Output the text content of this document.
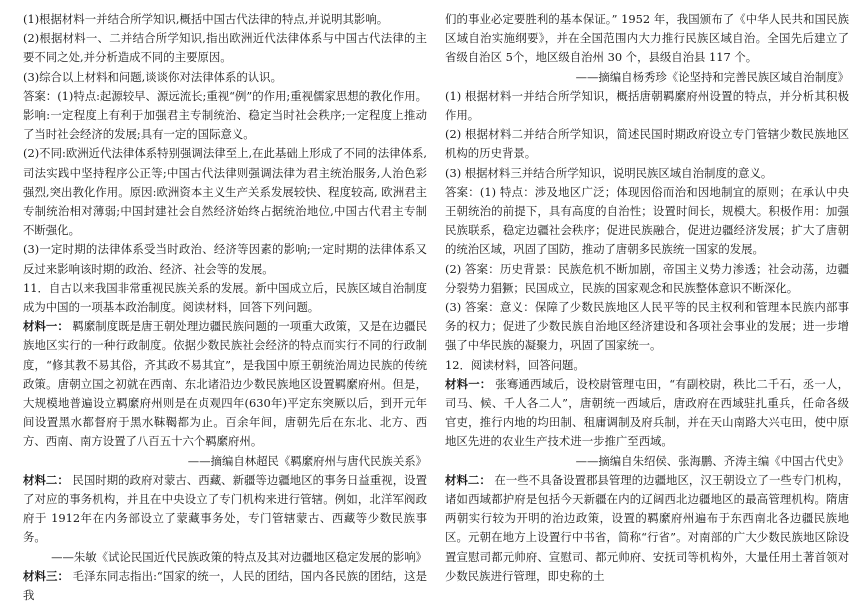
(1)根据材料一并结合所学知识,概括中国古代法律的特点,并说明其影响。

(2)根据材料一、二并结合所学知识,指出欧洲近代法律体系与中国古代法律的主要不同之处,并分析造成不同的主要原因。

(3)综合以上材料和问题,谈谈你对法律体系的认识。

答案：(1)特点:起源较早、源远流长;重视“例”的作用;重视儒家思想的教化作用。影响:一定程度上有利于加强君主专制统治、稳定当时社会秩序;一定程度上推动了当时社会经济的发展;具有一定的国际意义。

(2)不同:欧洲近代法律体系特别强调法律至上,在此基础上形成了不同的法律体系,司法实践中坚持程序公正等;中国古代法律则强调法律为君主统治服务,人治色彩强烈,突出教化作用。原因:欧洲资本主义生产关系发展较快、程度较高, 欧洲君主专制统治相对薄弱;中国封建社会自然经济始终占据统治地位,中国古代君主专制不断强化。

(3)一定时期的法律体系受当时政治、经济等因素的影响;一定时期的法律体系又反过来影响该时期的政治、经济、社会等的发展。

11．自古以来我国非常重视民族关系的发展。新中国成立后，民族区域自治制度成为中国的一项基本政治制度。阅读材料，回答下列问题。

材料一： 羁縻制度既是唐王朝处理边疆民族问题的一项重大政策，又是在边疆民族地区实行的一种行政制度。依据少数民族社会经济的特点而实行不同的行政制度，“修其教不易其俗，齐其政不易其宜”，是我国中原王朝统治周边民族的传统政策。唐朝立国之初就在西南、东北诸沿边少数民族地区设置羁縻府州。但是，大规模地普遍设立羁縻府州则是在贞观四年(630年)平定东突厥以后，到开元年间设置黑水都督府于黑水靺鞨都为止。百余年间，唐朝先后在东北、北方、西方、西南、南方设置了八百五十六个羁縻府州。

——摘编自林超民《羁縻府州与唐代民族关系》

材料二： 民国时期的政府对蒙古、西藏、新疆等边疆地区的事务日益重视，设置了对应的事务机构，并且在中央设立了专门机构来进行管辖。例如，北洋军阀政府于 1912年在内务部设立了蒙藏事务处，专门管辖蒙古、西藏等少数民族事务。

——朱敏《试论民国近代民族政策的特点及其对边疆地区稳定发展的影响》

材料三： 毛泽东同志指出:“国家的统一，人民的团结，国内各民族的团结，这是我

们的事业必定要胜利的基本保证。” 1952 年，我国颁布了《中华人民共和国民族区域自治实施纲要》，并在全国范围内大力推行民族区域自治。全国先后建立了省级自治区 5个，地区级自治州 30 个，县级自治县 117 个。

——摘编自杨秀珍《论坚持和完善民族区域自治制度》

(1) 根据材料一并结合所学知识，概括唐朝羁縻府州设置的特点，并分析其积极作用。

(2) 根据材料二并结合所学知识，简述民国时期政府设立专门管辖少数民族地区机构的历史背景。

(3) 根据材料三并结合所学知识，说明民族区域自治制度的意义。

答案：(1) 特点：涉及地区广泛；体现因俗而治和因地制宜的原则；在承认中央王朝统治的前提下，具有高度的自治性；设置时间长，规模大。积极作用：加强民族联系，稳定边疆社会秩序；促进民族融合，促进边疆经济发展；扩大了唐朝的统治区域，巩固了国防，推动了唐朝多民族统一国家的发展。

(2) 答案：历史背景：民族危机不断加剧，帝国主义势力渗透；社会动荡，边疆分裂势力猖獗；民国成立，民族的国家观念和民族整体意识不断深化。

(3) 答案：意义：保障了少数民族地区人民平等的民主权利和管理本民族内部事务的权力；促进了少数民族自治地区经济建设和各项社会事业的发展；进一步增强了中华民族的凝聚力，巩固了国家统一。

12．阅读材料，回答问题。

材料一： 张骞通西域后，设校尉管理屯田，“有副校尉，秩比二千石，丞一人，司马、候、千人各二人”，唐朝统一西域后，唐政府在西域驻扎重兵，任命各级官吏，推行内地的均田制、租庸调制及府兵制，并在天山南路大兴屯田，使中原地区先进的农业生产技术进一步推广至西域。

——摘编自朱绍侯、张海鹏、齐涛主编《中国古代史》

材料二： 在一些不具备设置郡县管理的边疆地区，汉王朝设立了一些专门机构，诸如西域都护府是包括今天新疆在内的辽阔西北边疆地区的最高管理机构。隋唐两朝实行较为开明的治边政策，设置的羁縻府州遍布于东西南北各边疆民族地区。元朝在地方上设置行中书省，简称“行省”。对南部的广大少数民族地区除设置宣慰司都元帅府、宣慰司、都元帅府、安抚司等机构外，大量任用土著首领对少数民族进行管理，即史称的土
